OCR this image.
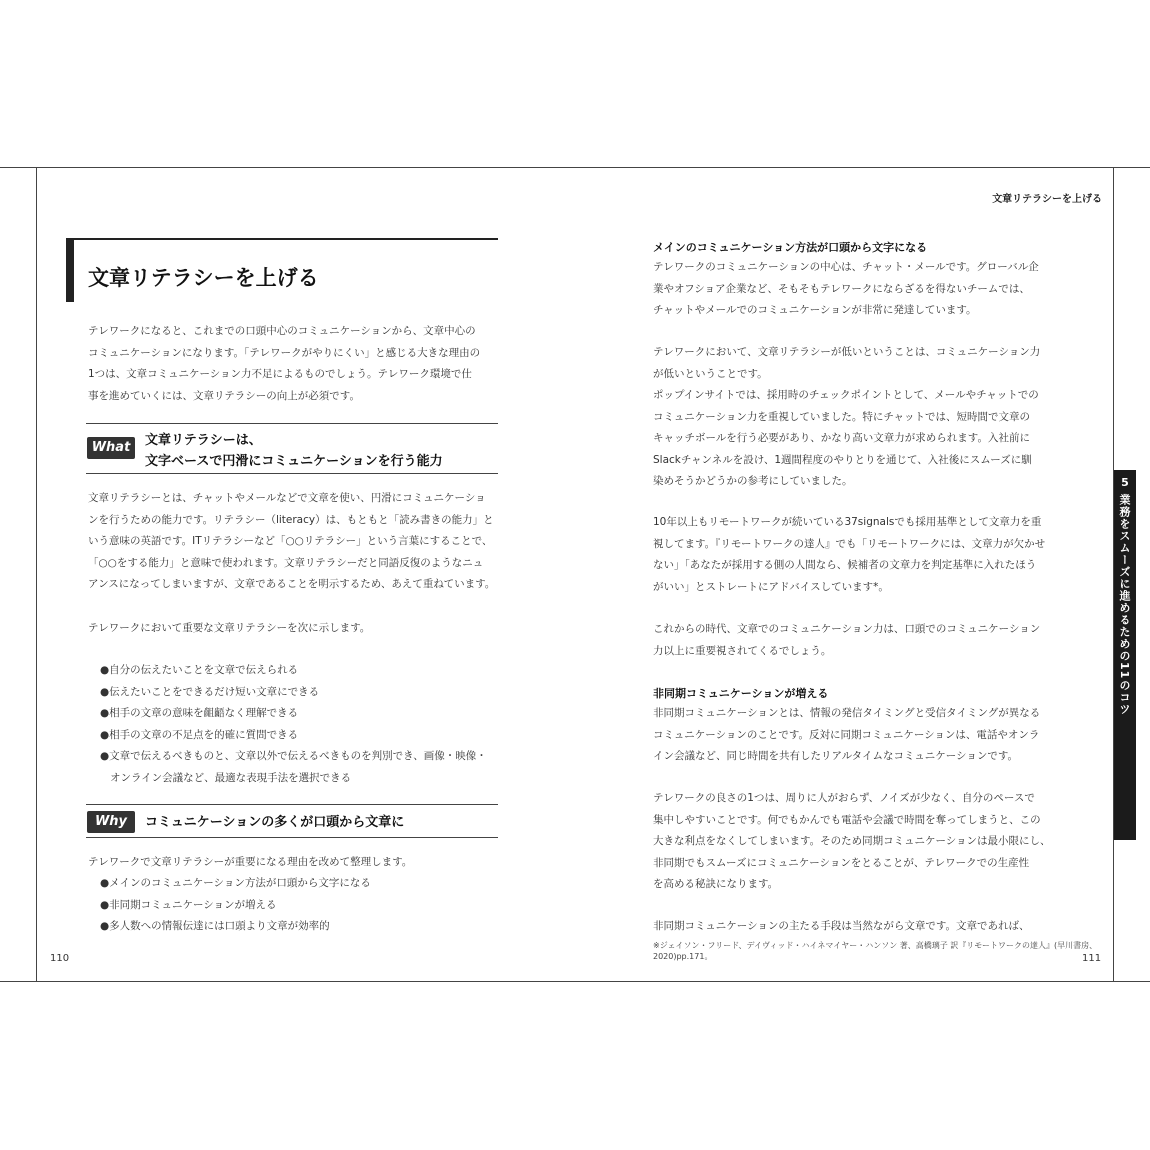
5
業務をスムーズに進めるための11のコツ
文章リテラシーを上げる
文章リテラシーを上げる

テレワークになると、これまでの口頭中心のコミュニケーションから、文章中心の
コミュニケーションになります。「テレワークがやりにくい」と感じる大きな理由の
1つは、文章コミュニケーション力不足によるものでしょう。テレワーク環境で仕
事を進めていくには、文章リテラシーの向上が必須です。

What	文章リテラシーは、
文字ベースで円滑にコミュニケーションを行う能力

文章リテラシーとは、チャットやメールなどで文章を使い、円滑にコミュニケーショ
ンを行うための能力です。リテラシー（literacy）は、もともと「読み書きの能力」と
いう意味の英語です。ITリテラシーなど「○○リテラシー」という言葉にすることで、
「○○をする能力」と意味で使われます。文章リテラシーだと同語反復のようなニュ
アンスになってしまいますが、文章であることを明示するため、あえて重ねています。

テレワークにおいて重要な文章リテラシーを次に示します。

●自分の伝えたいことを文章で伝えられる
●伝えたいことをできるだけ短い文章にできる
●相手の文章の意味を齟齬なく理解できる
●相手の文章の不足点を的確に質問できる
●文章で伝えるべきものと、文章以外で伝えるべきものを判別でき、画像・映像・
オンライン会議など、最適な表現手法を選択できる
Why	コミュニケーションの多くが口頭から文章に

テレワークで文章リテラシーが重要になる理由を改めて整理します。

●メインのコミュニケーション方法が口頭から文字になる
●非同期コミュニケーションが増える
●多人数への情報伝達には口頭より文章が効率的
110
メインのコミュニケーション方法が口頭から文字になる

テレワークのコミュニケーションの中心は、チャット・メールです。グローバル企
業やオフショア企業など、そもそもテレワークにならざるを得ないチームでは、
チャットやメールでのコミュニケーションが非常に発達しています。

テレワークにおいて、文章リテラシーが低いということは、コミュニケーション力
が低いということです。
ポップインサイトでは、採用時のチェックポイントとして、メールやチャットでの
コミュニケーション力を重視していました。特にチャットでは、短時間で文章の
キャッチボールを行う必要があり、かなり高い文章力が求められます。入社前に
Slackチャンネルを設け、1週間程度のやりとりを通じて、入社後にスムーズに馴
染めそうかどうかの参考にしていました。

10年以上もリモートワークが続いている37signalsでも採用基準として文章力を重
視してます。『リモートワークの達人』でも「リモートワークには、文章力が欠かせ
ない」「あなたが採用する側の人間なら、候補者の文章力を判定基準に入れたほう
がいい」とストレートにアドバイスしています*。

これからの時代、文章でのコミュニケーション力は、口頭でのコミュニケーション
力以上に重要視されてくるでしょう。

非同期コミュニケーションが増える

非同期コミュニケーションとは、情報の発信タイミングと受信タイミングが異なる
コミュニケーションのことです。反対に同期コミュニケーションは、電話やオンラ
イン会議など、同じ時間を共有したリアルタイムなコミュニケーションです。

テレワークの良さの1つは、周りに人がおらず、ノイズが少なく、自分のペースで
集中しやすいことです。何でもかんでも電話や会議で時間を奪ってしまうと、この
大きな利点をなくしてしまいます。そのため同期コミュニケーションは最小限にし、
非同期でもスムーズにコミュニケーションをとることが、テレワークでの生産性
を高める秘訣になります。

非同期コミュニケーションの主たる手段は当然ながら文章です。文章であれば、

※ジェイソン・フリード、デイヴィッド・ハイネマイヤー・ハンソン 著、高橋璃子 訳『リモートワークの達人』(早川書房、
2020)pp.171。	111
